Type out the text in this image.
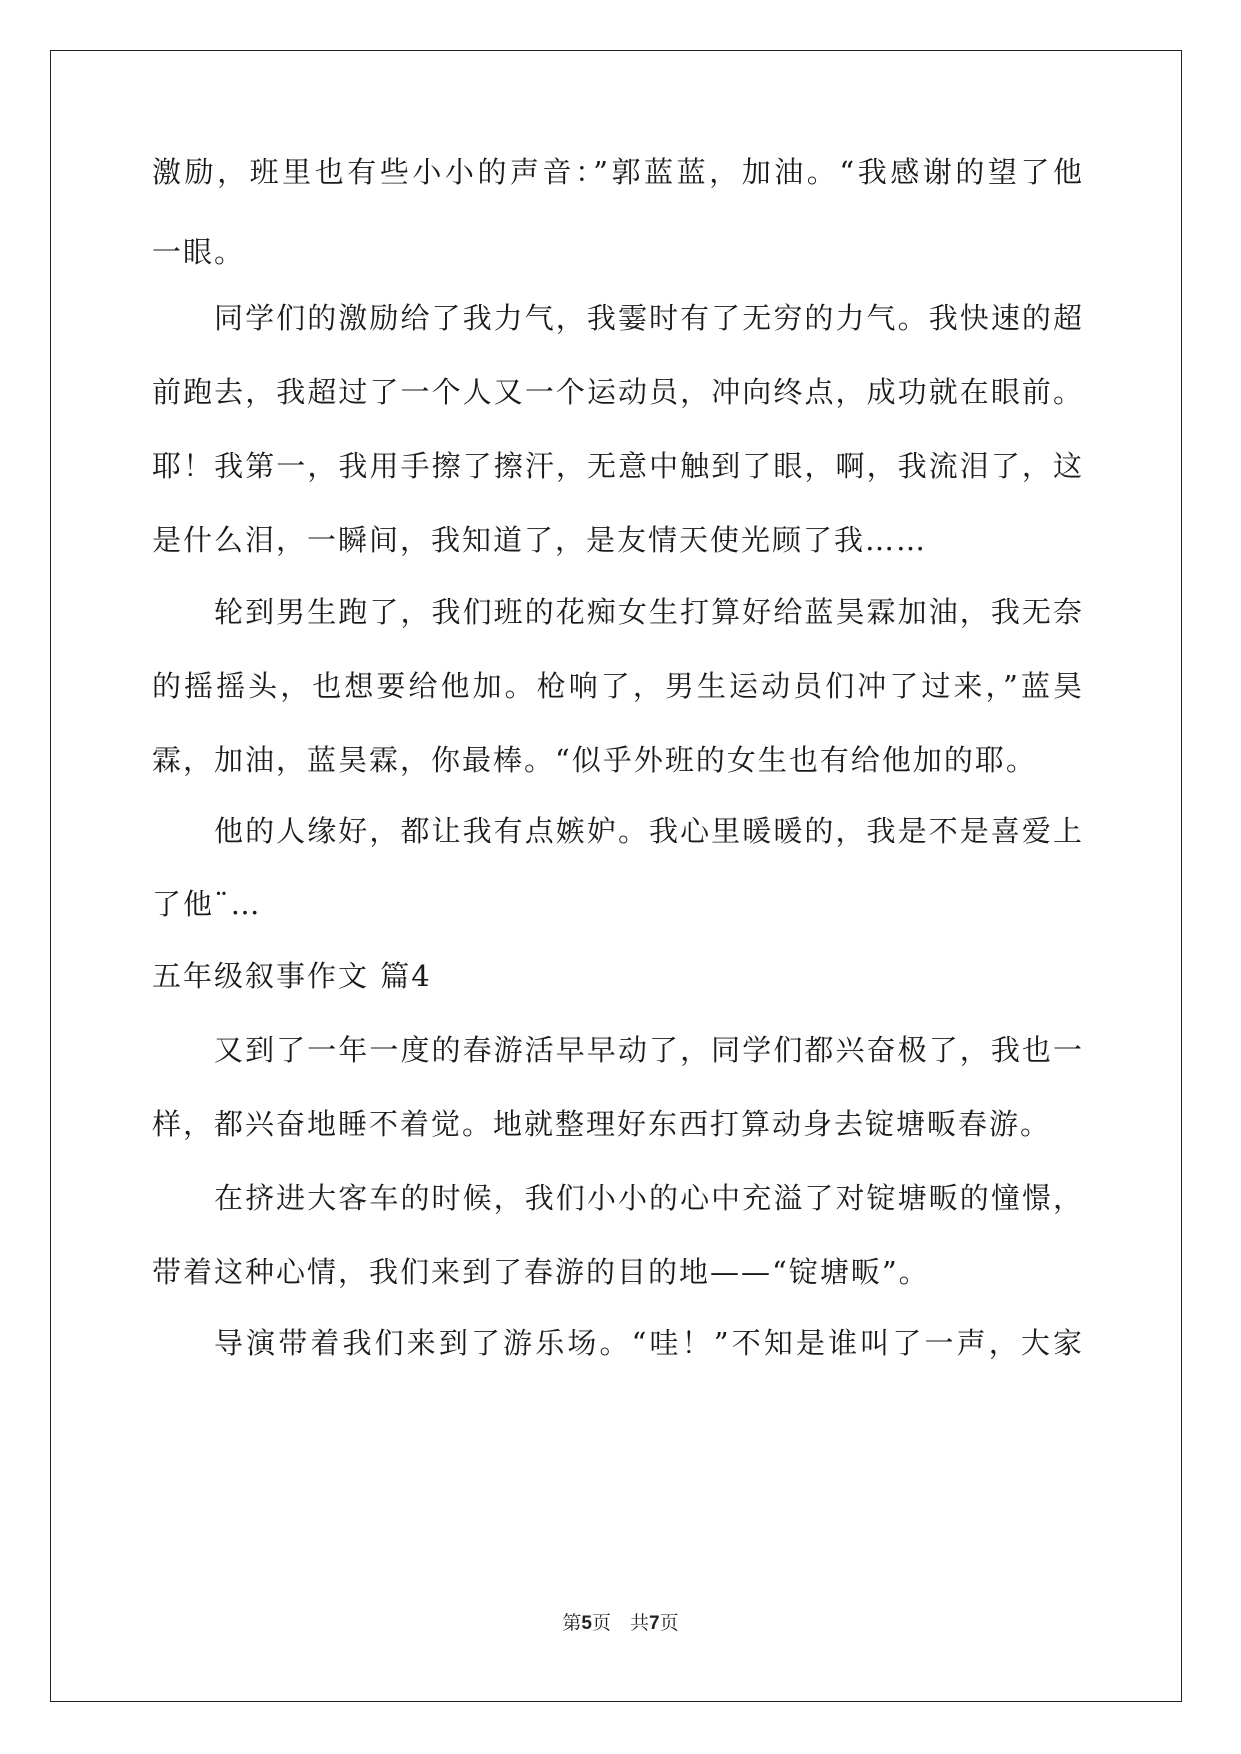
激励，班里也有些小小的声音：”郭蓝蓝，加油。“我感谢的望了他
一眼。
同学们的激励给了我力气，我霎时有了无穷的力气。我快速的超
前跑去，我超过了一个人又一个运动员，冲向终点，成功就在眼前。
耶！我第一，我用手擦了擦汗，无意中触到了眼，啊，我流泪了，这
是什么泪，一瞬间，我知道了，是友情天使光顾了我……
轮到男生跑了，我们班的花痴女生打算好给蓝昊霖加油，我无奈
的摇摇头，也想要给他加。枪响了，男生运动员们冲了过来，”蓝昊
霖，加油，蓝昊霖，你最棒。“似乎外班的女生也有给他加的耶。
他的人缘好，都让我有点嫉妒。我心里暖暖的，我是不是喜爱上
了他¨…
五年级叙事作文 篇4
又到了一年一度的春游活早早动了，同学们都兴奋极了，我也一
样，都兴奋地睡不着觉。地就整理好东西打算动身去锭塘畈春游。
在挤进大客车的时候，我们小小的心中充溢了对锭塘畈的憧憬，
带着这种心情，我们来到了春游的目的地——“锭塘畈”。
导演带着我们来到了游乐场。“哇！”不知是谁叫了一声，大家
第5页　共7页
